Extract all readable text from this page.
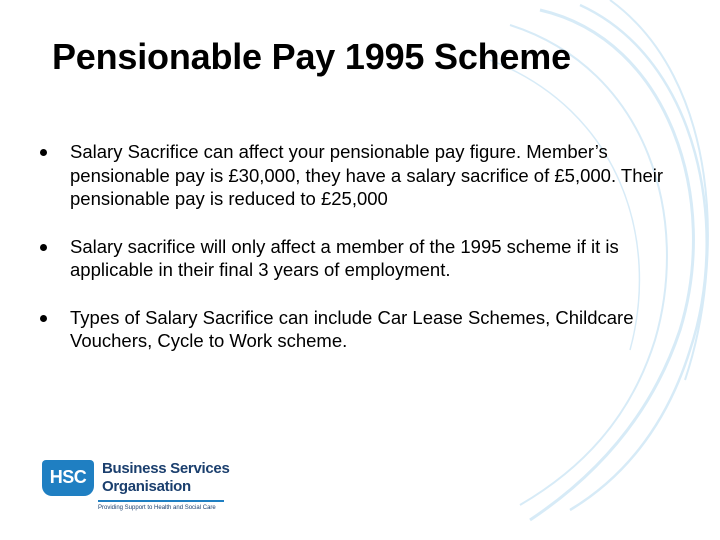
Pensionable Pay 1995 Scheme
Salary Sacrifice can affect your pensionable pay figure. Member’s pensionable pay is £30,000, they have a salary sacrifice of £5,000. Their pensionable pay is reduced to £25,000
Salary sacrifice will only affect a member of the 1995 scheme if it is applicable in their final 3 years of employment.
Types of Salary Sacrifice can include Car Lease Schemes, Childcare Vouchers, Cycle to Work scheme.
HSC	Business Services
Organisation
Providing Support to Health and Social Care
